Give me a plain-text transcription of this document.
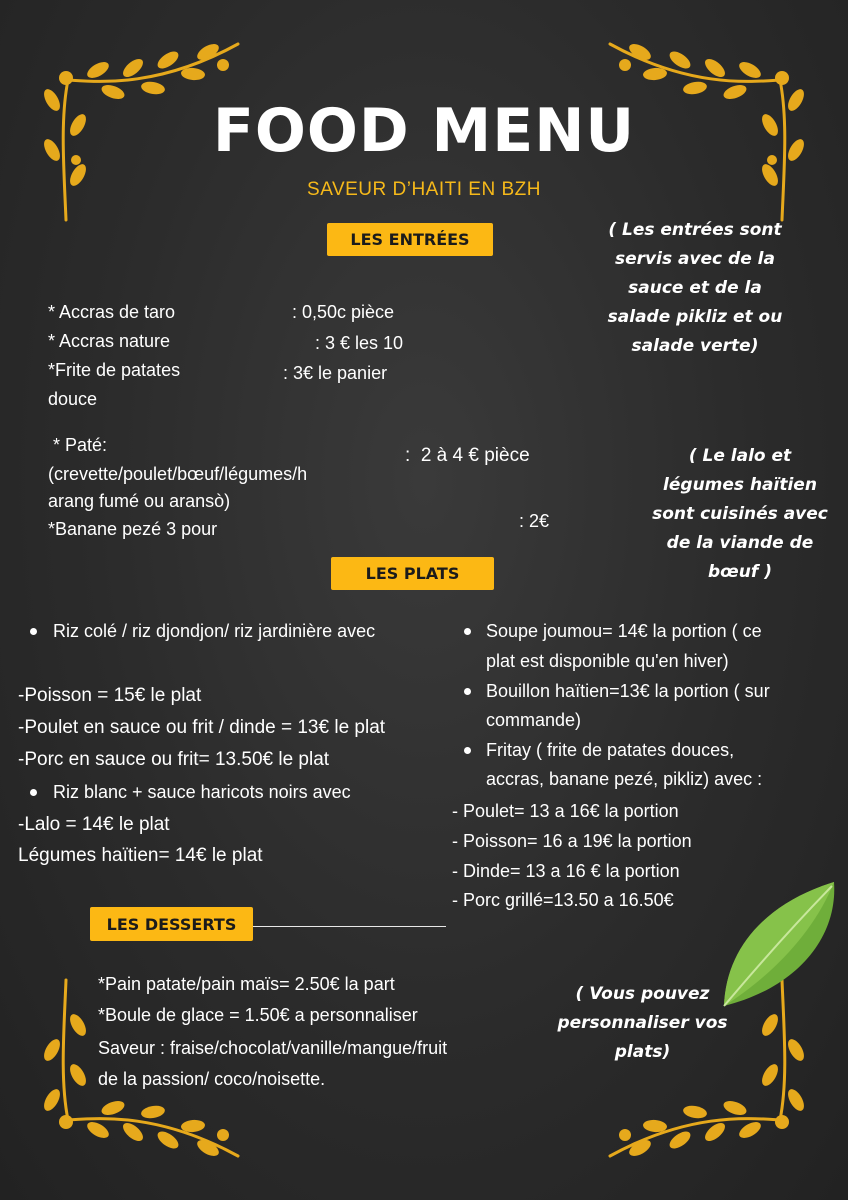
FOOD MENU
SAVEUR D’HAITI EN BZH
LES ENTRÉES
* Accras de taro	: 0,50c pièce
* Accras nature	: 3 € les 10
*Frite de patates
douce
: 3€ le panier
* Paté:
(crevette/poulet/bœuf/légumes/h
arang fumé ou aransò)
:  2 à 4 € pièce
*Banane pezé 3 pour	: 2€
( Les entrées sont
servis avec de la
sauce et de la
salade pikliz et ou
salade verte)
LES PLATS
( Le lalo et
légumes haïtien
sont cuisinés avec
de la viande de
bœuf )
Riz colé / riz djondjon/ riz jardinière avec
-Poisson = 15€ le plat
-Poulet en sauce ou frit / dinde = 13€ le plat
-Porc en sauce ou frit= 13.50€ le plat
Riz blanc + sauce haricots noirs avec
-Lalo = 14€ le plat
Légumes haïtien= 14€ le plat
Soupe joumou= 14€ la portion ( ce
plat est disponible qu'en hiver)
Bouillon haïtien=13€ la portion ( sur
commande)
Fritay ( frite de patates douces,
accras, banane pezé, pikliz) avec :
- Poulet= 13 a 16€ la portion
- Poisson= 16 a 19€ la portion
- Dinde= 13 a 16 € la portion
- Porc grillé=13.50 a 16.50€
LES DESSERTS
*Pain patate/pain maïs= 2.50€ la part
*Boule de glace = 1.50€ a personnaliser
Saveur : fraise/chocolat/vanille/mangue/fruit
de la passion/ coco/noisette.
( Vous pouvez
personnaliser vos
plats)
